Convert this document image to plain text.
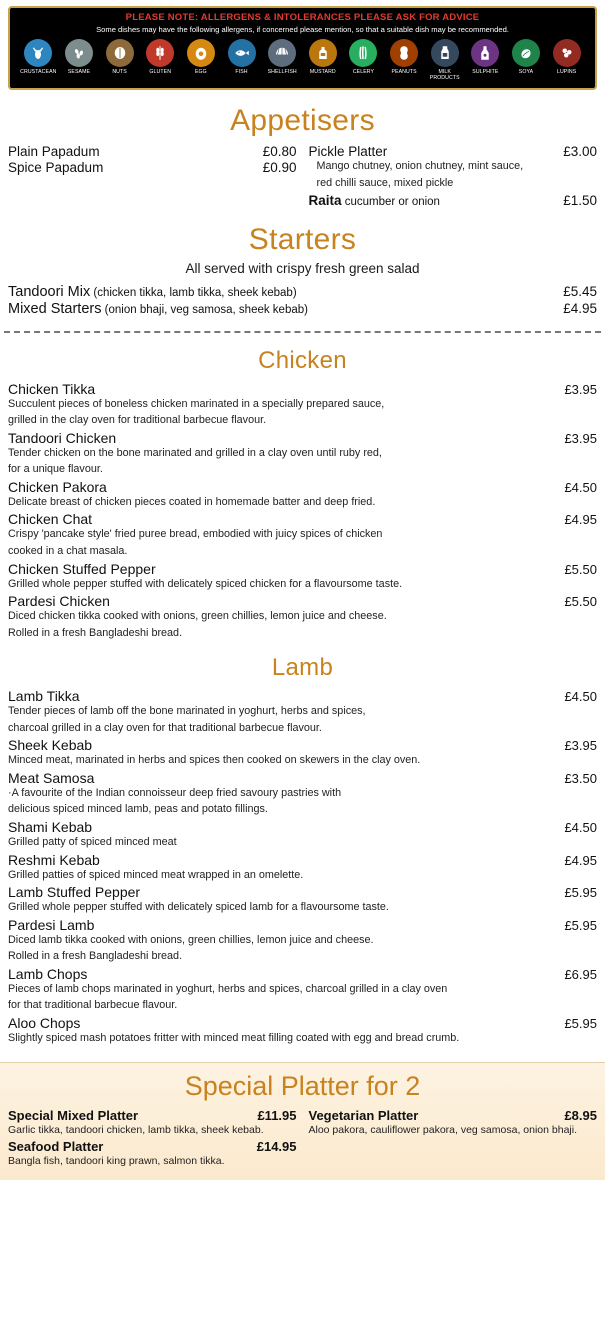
PLEASE NOTE: ALLERGENS & INTOLERANCES PLEASE ASK FOR ADVICE
Some dishes may have the following allergens, if concerned please mention, so that a suitable dish may be recommended.
CRUSTACEAN	SESAME	NUTS	GLUTEN	EGG	FISH	SHELLFISH	MUSTARD	CELERY	PEANUTS	MILK PRODUCTS
SULPHITE	SOYA	LUPINS
Appetisers
Plain Papadum	£0.80
Spice Papadum	£0.90
Pickle Platter	£3.00
Mango chutney, onion chutney, mint sauce,
red chilli sauce, mixed pickle
Raita cucumber or onion	£1.50
Starters
All served with crispy fresh green salad
Tandoori Mix (chicken tikka, lamb tikka, sheek kebab)	£5.45
Mixed Starters (onion bhaji, veg samosa, sheek kebab)	£4.95
Chicken
Chicken Tikka	£3.95
Succulent pieces of boneless chicken marinated in a specially prepared sauce,
grilled in the clay oven for traditional barbecue flavour.
Tandoori Chicken	£3.95
Tender chicken on the bone marinated and grilled in a clay oven until ruby red,
for a unique flavour.
Chicken Pakora	£4.50
Delicate breast of chicken pieces coated in homemade batter and deep fried.
Chicken Chat	£4.95
Crispy 'pancake style' fried puree bread, embodied with juicy spices of chicken
cooked in a chat masala.
Chicken Stuffed Pepper	£5.50
Grilled whole pepper stuffed with delicately spiced chicken for a flavoursome taste.
Pardesi Chicken	£5.50
Diced chicken tikka cooked with onions, green chillies, lemon juice and cheese.
Rolled in a fresh Bangladeshi bread.
Lamb
Lamb Tikka	£4.50
Tender pieces of lamb off the bone marinated in yoghurt, herbs and spices,
charcoal grilled in a clay oven for that traditional barbecue flavour.
Sheek Kebab	£3.95
Minced meat, marinated in herbs and spices then cooked on skewers in the clay oven.
Meat Samosa	£3.50
·A favourite of the Indian connoisseur deep fried savoury pastries with
delicious spiced minced lamb, peas and potato fillings.
Shami Kebab	£4.50
Grilled patty of spiced minced meat
Reshmi Kebab	£4.95
Grilled patties of spiced minced meat wrapped in an omelette.
Lamb Stuffed Pepper	£5.95
Grilled whole pepper stuffed with delicately spiced lamb for a flavoursome taste.
Pardesi Lamb	£5.95
Diced lamb tikka cooked with onions, green chillies, lemon juice and cheese.
Rolled in a fresh Bangladeshi bread.
Lamb Chops	£6.95
Pieces of lamb chops marinated in yoghurt, herbs and spices, charcoal grilled in a clay oven
for that traditional barbecue flavour.
Aloo Chops	£5.95
Slightly spiced mash potatoes fritter with minced meat filling coated with egg and bread crumb.
Special Platter for 2
Special Mixed Platter	£11.95
Garlic tikka, tandoori chicken, lamb tikka, sheek kebab.
Seafood Platter	£14.95
Bangla fish, tandoori king prawn, salmon tikka.
Vegetarian Platter	£8.95
Aloo pakora, cauliflower pakora, veg samosa, onion bhaji.
